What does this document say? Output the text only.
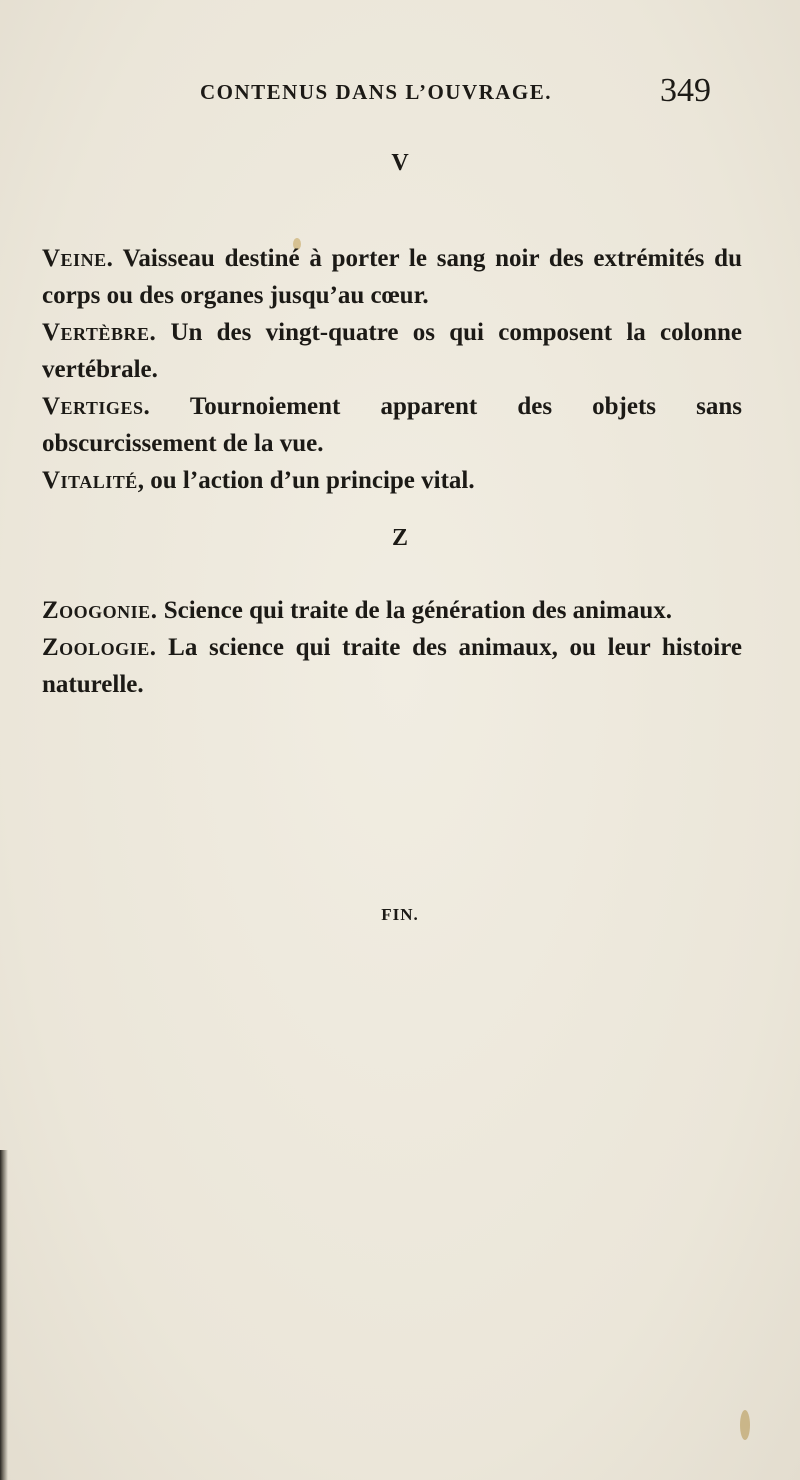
CONTENUS DANS L’OUVRAGE.	349
V

Veine. Vaisseau destiné à porter le sang noir des extrémités du corps ou des organes jusqu’au cœur.

Vertèbre. Un des vingt-quatre os qui composent la colonne vertébrale.

Vertiges. Tournoiement apparent des objets sans obscurcissement de la vue.

Vitalité, ou l’action d’un principe vital.

Z

Zoogonie. Science qui traite de la génération des animaux.

Zoologie. La science qui traite des animaux, ou leur histoire naturelle.

FIN.
